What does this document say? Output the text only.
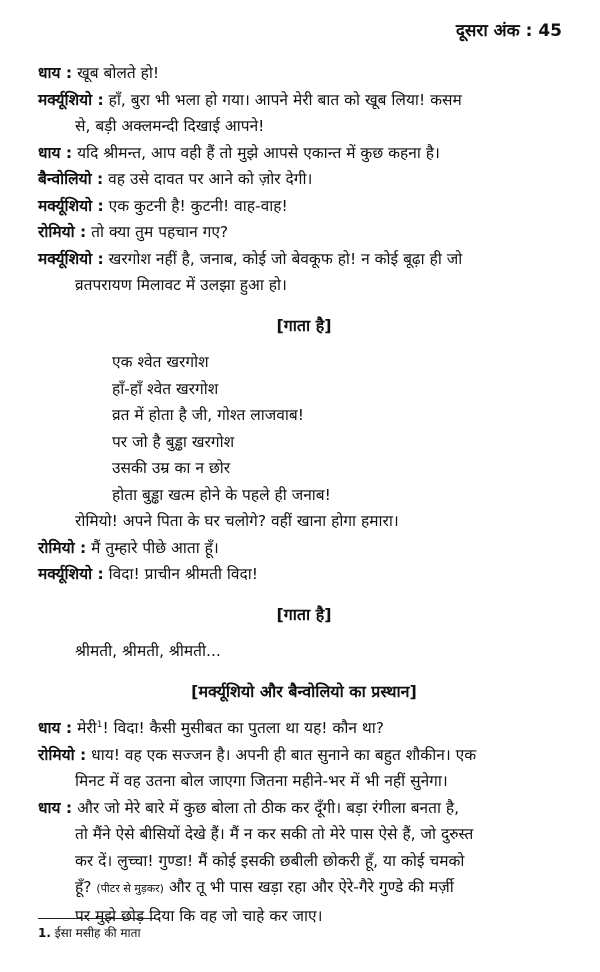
दूसरा अंक : 45
धाय : खूब बोलते हो!
मर्क्यूशियो : हाँ, बुरा भी भला हो गया। आपने मेरी बात को खूब लिया! कसम
से, बड़ी अक्लमन्दी दिखाई आपने!
धाय : यदि श्रीमन्त, आप वही हैं तो मुझे आपसे एकान्त में कुछ कहना है।
बैन्वोलियो : वह उसे दावत पर आने को ज़ोर देगी।
मर्क्यूशियो : एक कुटनी है! कुटनी! वाह-वाह!
रोमियो : तो क्या तुम पहचान गए?
मर्क्यूशियो : खरगोश नहीं है, जनाब, कोई जो बेवकूफ हो! न कोई बूढ़ा ही जो
व्रतपरायण मिलावट में उलझा हुआ हो।
[गाता है]
एक श्वेत खरगोश
हाँ-हाँ श्वेत खरगोश
व्रत में होता है जी, गोश्त लाजवाब!
पर जो है बुड्ढा खरगोश
उसकी उम्र का न छोर
होता बुड्ढा खत्म होने के पहले ही जनाब!
रोमियो! अपने पिता के घर चलोगे? वहीं खाना होगा हमारा।
रोमियो : मैं तुम्हारे पीछे आता हूँ।
मर्क्यूशियो : विदा! प्राचीन श्रीमती विदा!
[गाता है]
श्रीमती, श्रीमती, श्रीमती...
[मर्क्यूशियो और बैन्वोलियो का प्रस्थान]
धाय : मेरी$^1$! विदा! कैसी मुसीबत का पुतला था यह! कौन था?
रोमियो : धाय! वह एक सज्जन है। अपनी ही बात सुनाने का बहुत शौकीन। एक
मिनट में वह उतना बोल जाएगा जितना महीने-भर में भी नहीं सुनेगा।
धाय : और जो मेरे बारे में कुछ बोला तो ठीक कर दूँगी। बड़ा रंगीला बनता है,
तो मैंने ऐसे बीसियों देखे हैं। मैं न कर सकी तो मेरे पास ऐसे हैं, जो दुरुस्त
कर दें। लुच्चा! गुण्डा! मैं कोई इसकी छबीली छोकरी हूँ, या कोई चमको
हूँ? (पीटर से मुड़कर) और तू भी पास खड़ा रहा और ऐरे-गैरे गुण्डे की मर्ज़ी
पर मुझे छोड़ दिया कि वह जो चाहे कर जाए।
1. ईसा मसीह की माता
